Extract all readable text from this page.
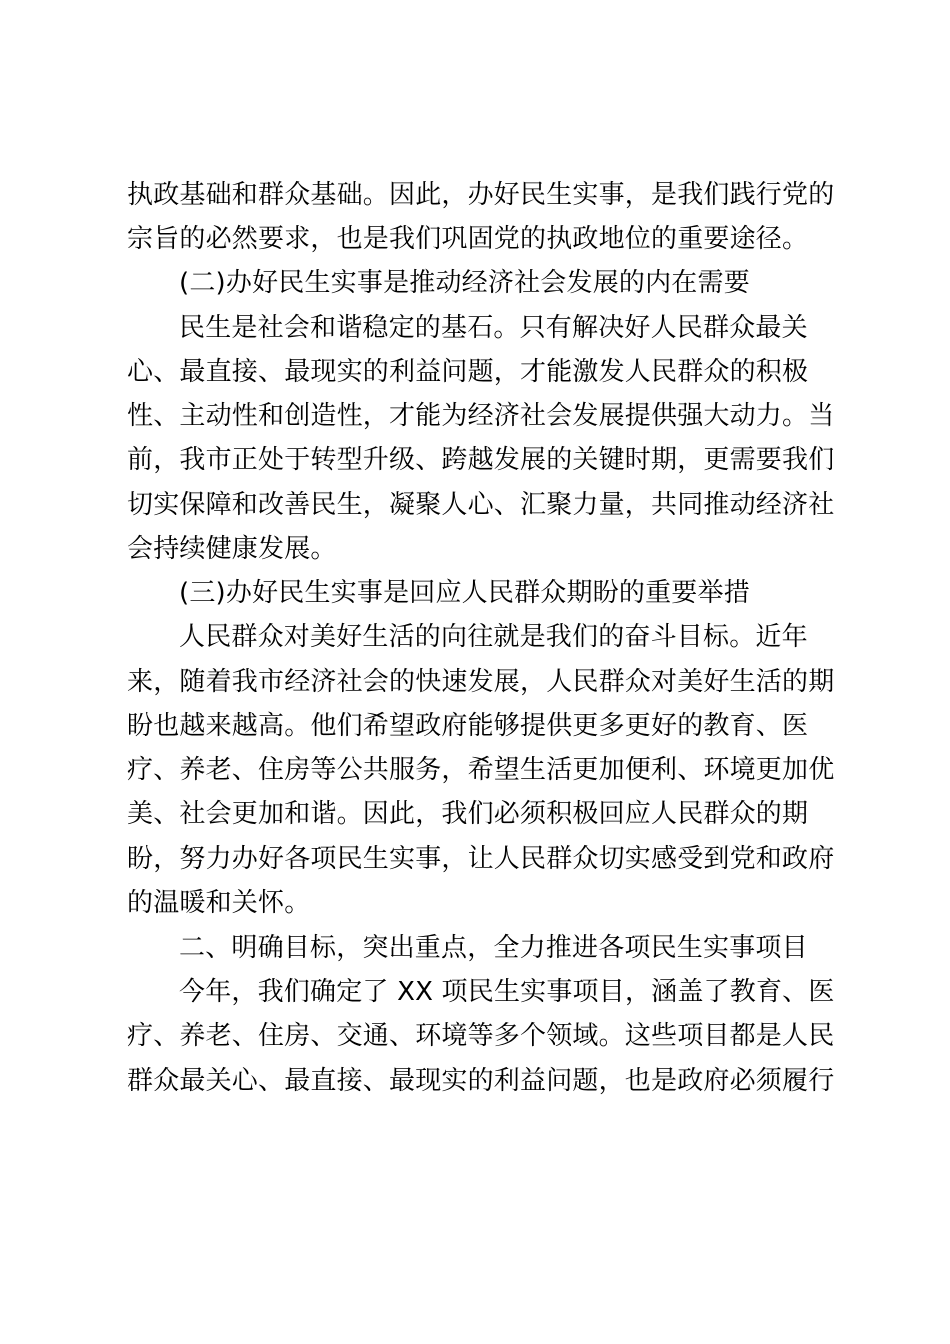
执政基础和群众基础。因此，办好民生实事，是我们践行党的
宗旨的必然要求，也是我们巩固党的执政地位的重要途径。
(二)办好民生实事是推动经济社会发展的内在需要
民生是社会和谐稳定的基石。只有解决好人民群众最关
心、最直接、最现实的利益问题，才能激发人民群众的积极
性、主动性和创造性，才能为经济社会发展提供强大动力。当
前，我市正处于转型升级、跨越发展的关键时期，更需要我们
切实保障和改善民生，凝聚人心、汇聚力量，共同推动经济社
会持续健康发展。
(三)办好民生实事是回应人民群众期盼的重要举措
人民群众对美好生活的向往就是我们的奋斗目标。近年
来，随着我市经济社会的快速发展，人民群众对美好生活的期
盼也越来越高。他们希望政府能够提供更多更好的教育、医
疗、养老、住房等公共服务，希望生活更加便利、环境更加优
美、社会更加和谐。因此，我们必须积极回应人民群众的期
盼，努力办好各项民生实事，让人民群众切实感受到党和政府
的温暖和关怀。
二、明确目标，突出重点，全力推进各项民生实事项目
今年，我们确定了 XX 项民生实事项目，涵盖了教育、医
疗、养老、住房、交通、环境等多个领域。这些项目都是人民
群众最关心、最直接、最现实的利益问题，也是政府必须履行
